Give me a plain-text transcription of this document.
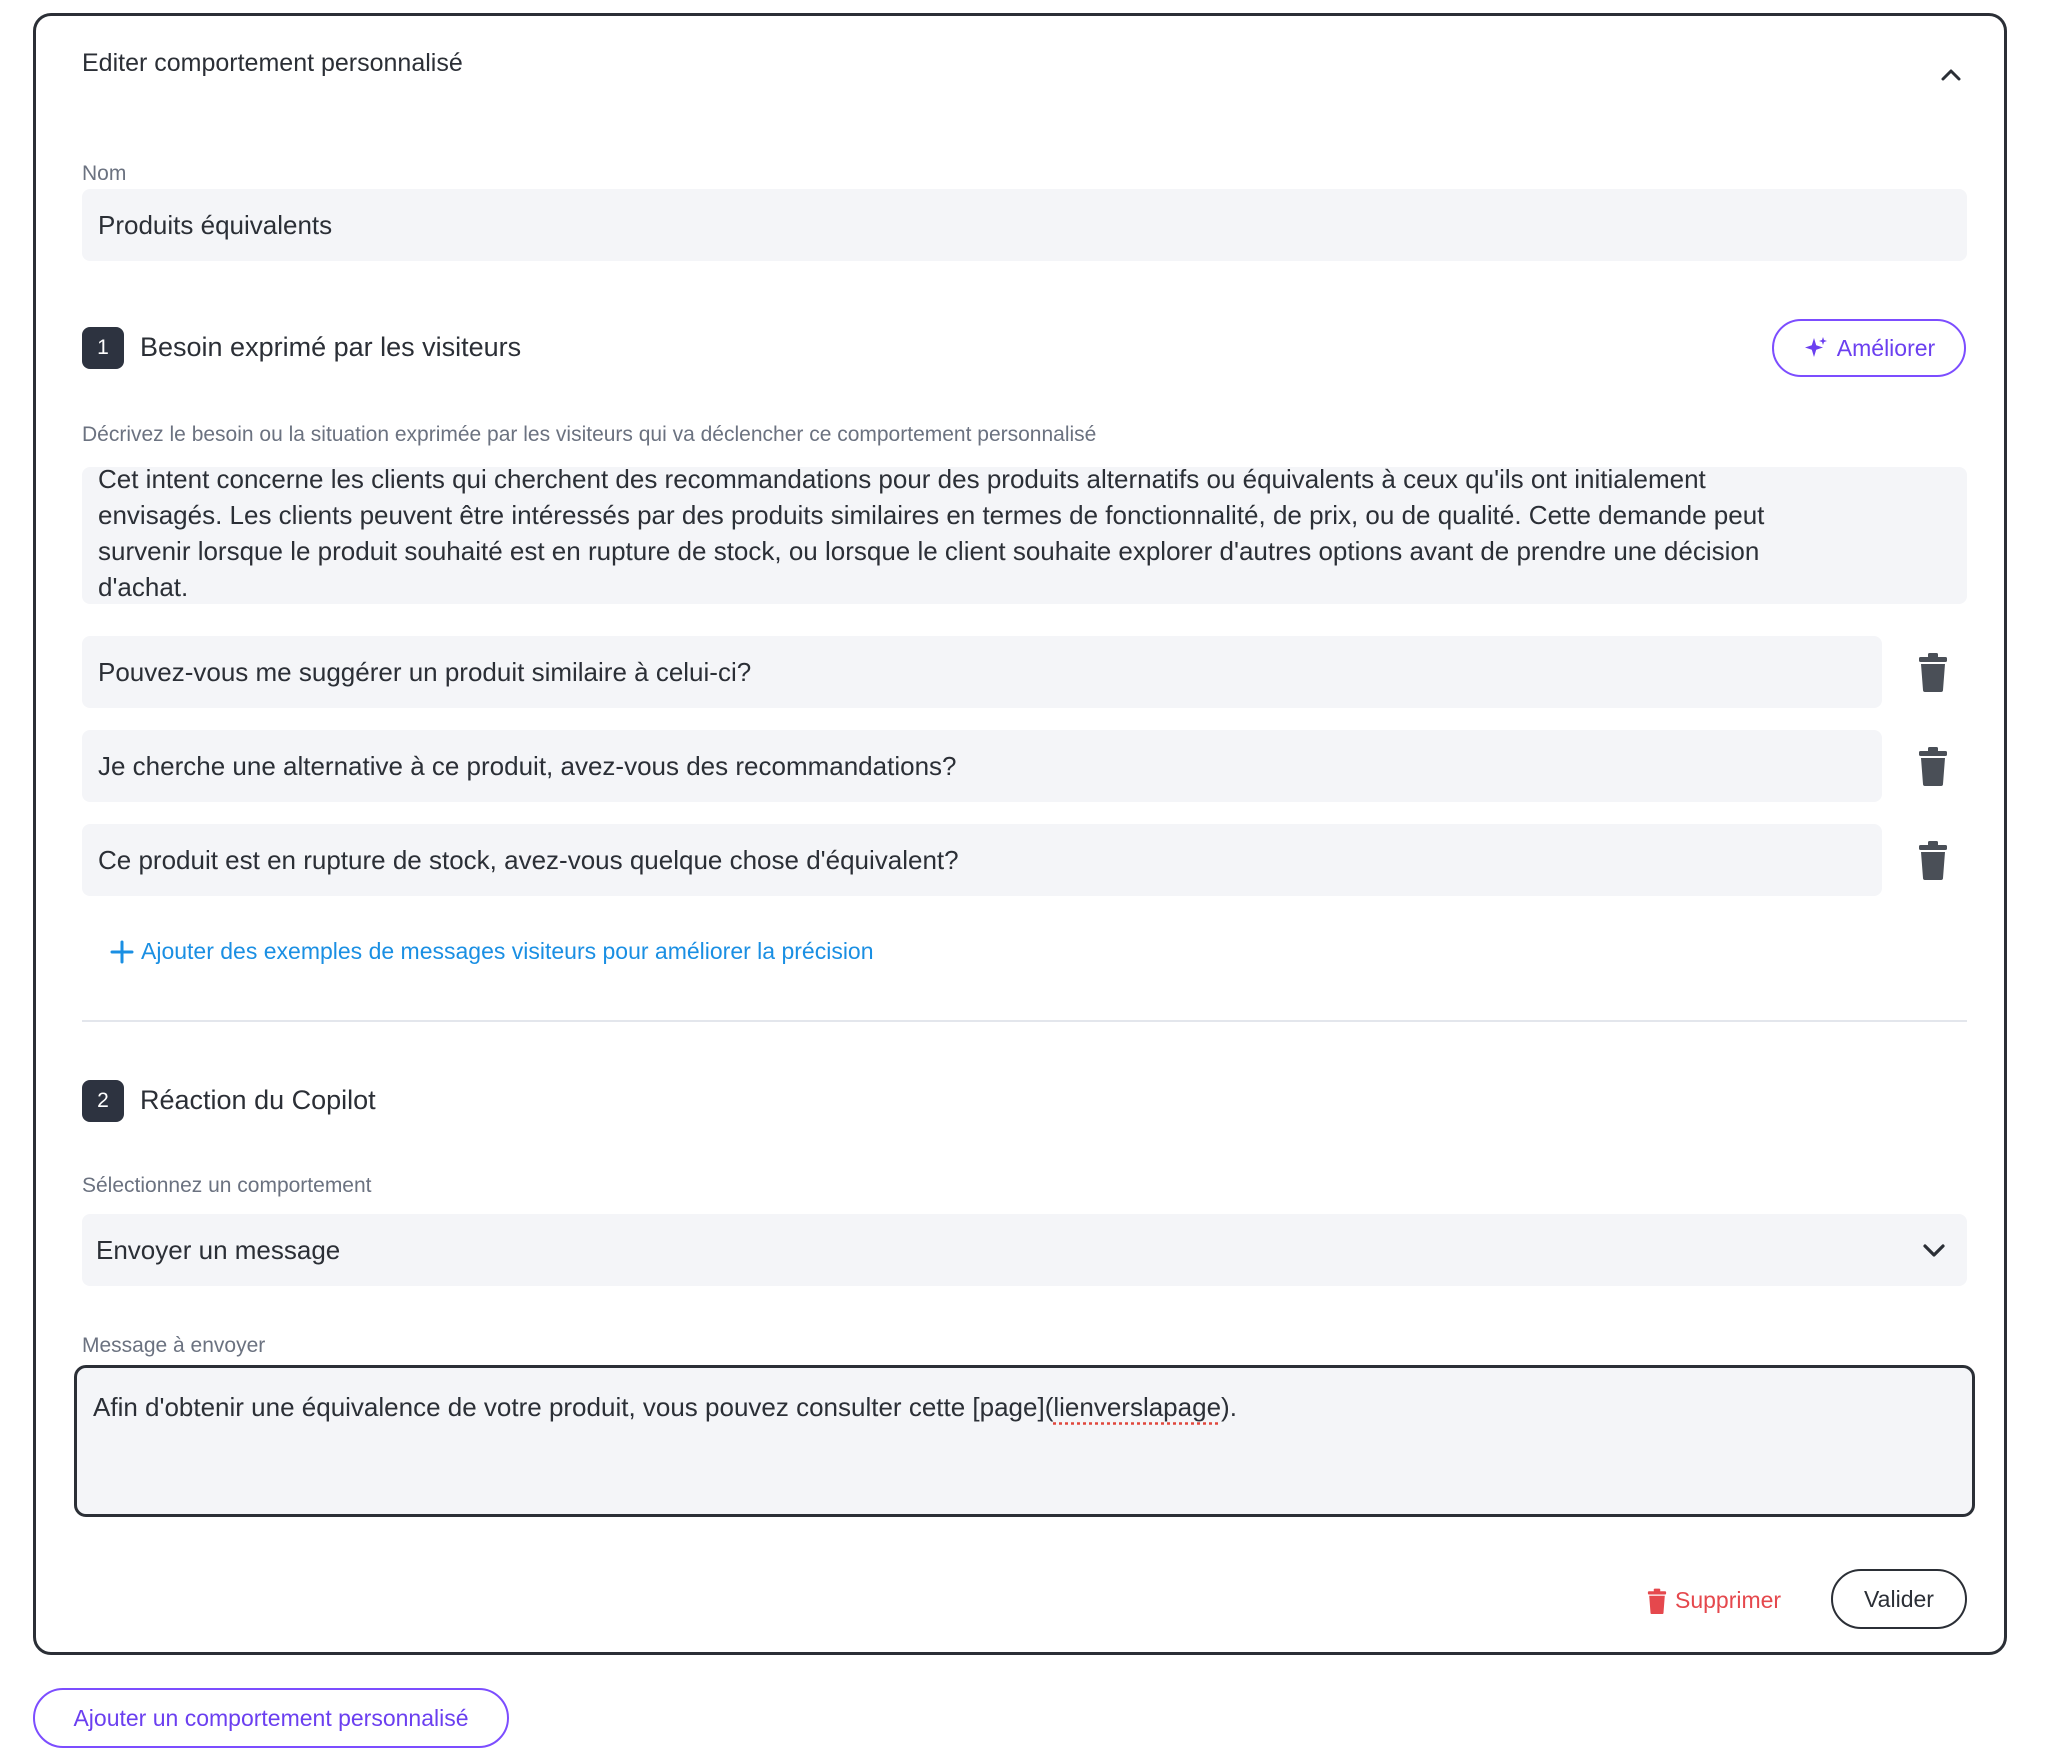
Editer comportement personnalisé
Nom
Produits équivalents
1	Besoin exprimé par les visiteurs	Améliorer
Décrivez le besoin ou la situation exprimée par les visiteurs qui va déclencher ce comportement personnalisé

Cet intent concerne les clients qui cherchent des recommandations pour des produits alternatifs ou équivalents à ceux qu'ils ont initialement
envisagés. Les clients peuvent être intéressés par des produits similaires en termes de fonctionnalité, de prix, ou de qualité. Cette demande peut
survenir lorsque le produit souhaité est en rupture de stock, ou lorsque le client souhaite explorer d'autres options avant de prendre une décision
d'achat.

Pouvez-vous me suggérer un produit similaire à celui-ci?
Je cherche une alternative à ce produit, avez-vous des recommandations?
Ce produit est en rupture de stock, avez-vous quelque chose d'équivalent?
Ajouter des exemples de messages visiteurs pour améliorer la précision
2	Réaction du Copilot
Sélectionnez un comportement
Envoyer un message
Message à envoyer
Afin d'obtenir une équivalence de votre produit, vous pouvez consulter cette [page](lienverslapage).
Supprimer	Valider
Ajouter un comportement personnalisé
